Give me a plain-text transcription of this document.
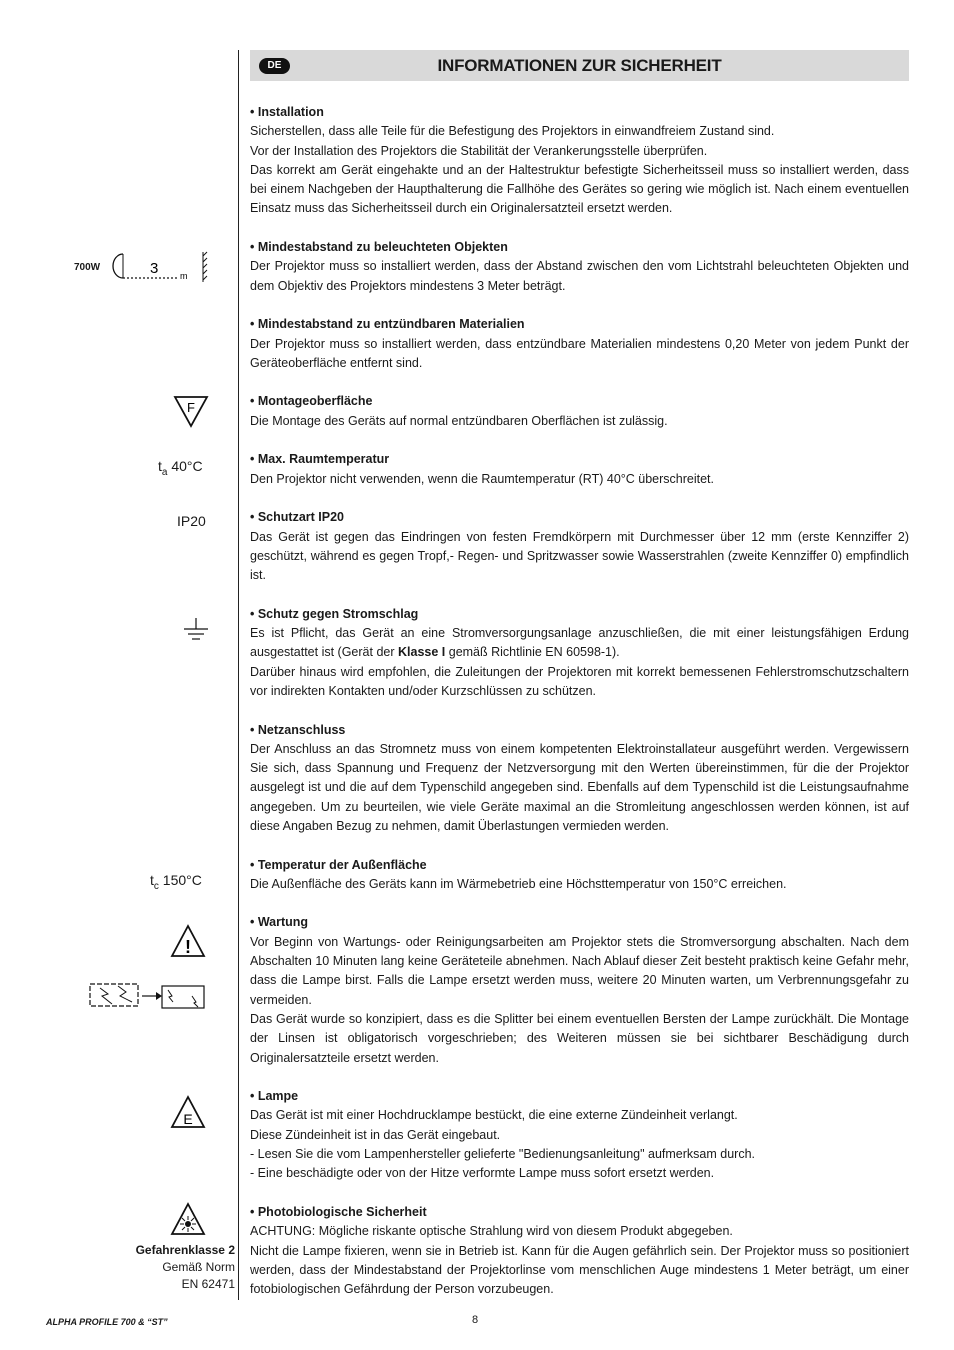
INFORMATIONEN ZUR SICHERHEIT
DE
700W	3 m
F
$t_a$ 40°C
IP20
$t_c$ 150°C
!
E
Gefahrenklasse 2
Gemäß Norm
EN 62471
• Installation

Sicherstellen, dass alle Teile für die Befestigung des Projektors in einwandfreiem Zustand sind.

Vor der Installation des Projektors die Stabilität der Verankerungsstelle überprüfen.

Das korrekt am Gerät eingehakte und an der Haltestruktur befestigte Sicherheitsseil muss so installiert werden, dass bei einem Nachgeben der Haupthalterung die Fallhöhe des Gerätes so gering wie möglich ist. Nach einem eventuellen Einsatz muss das Sicherheitsseil durch ein Originalersatzteil ersetzt werden.

• Mindestabstand zu beleuchteten Objekten

Der Projektor muss so installiert werden, dass der Abstand zwischen den vom Lichtstrahl beleuchteten Objekten und dem Objektiv des Projektors mindestens 3 Meter beträgt.

• Mindestabstand zu entzündbaren Materialien

Der Projektor muss so installiert werden, dass entzündbare Materialien mindestens 0,20 Meter von jedem Punkt der Geräteoberfläche entfernt sind.

• Montageoberfläche

Die Montage des Geräts auf normal entzündbaren Oberflächen ist zulässig.

• Max. Raumtemperatur

Den Projektor nicht verwenden, wenn die Raumtemperatur (RT) 40°C überschreitet.

• Schutzart IP20

Das Gerät ist gegen das Eindringen von festen Fremdkörpern mit Durchmesser über 12 mm (erste Kennziffer 2) geschützt, während es gegen Tropf,- Regen- und Spritzwasser sowie Wasserstrahlen (zweite Kennziffer 0) empfindlich ist.

• Schutz gegen Stromschlag

Es ist Pflicht, das Gerät an eine Stromversorgungsanlage anzuschließen, die mit einer leistungsfähigen Erdung ausgestattet ist (Gerät der Klasse I gemäß Richtlinie EN 60598-1).

Darüber hinaus wird empfohlen, die Zuleitungen der Projektoren mit korrekt bemessenen Fehlerstromschutzschaltern vor indirekten Kontakten und/oder Kurzschlüssen zu schützen.

• Netzanschluss

Der Anschluss an das Stromnetz muss von einem kompetenten Elektroinstallateur ausgeführt werden. Vergewissern Sie sich, dass Spannung und Frequenz der Netzversorgung mit den Werten übereinstimmen, für die der Projektor ausgelegt ist und die auf dem Typenschild angegeben sind. Ebenfalls auf dem Typenschild ist die Leistungsaufnahme angegeben. Um zu beurteilen, wie viele Geräte maximal an die Stromleitung angeschlossen werden können, ist auf diese Angaben Bezug zu nehmen, damit Überlastungen vermieden werden.

• Temperatur der Außenfläche

Die Außenfläche des Geräts kann im Wärmebetrieb eine Höchsttemperatur von 150°C erreichen.

• Wartung

Vor Beginn von Wartungs- oder Reinigungsarbeiten am Projektor stets die Stromversorgung abschalten. Nach dem Abschalten 10 Minuten lang keine Geräteteile abnehmen. Nach Ablauf dieser Zeit besteht praktisch keine Gefahr mehr, dass die Lampe birst. Falls die Lampe ersetzt werden muss, weitere 20 Minuten warten, um Verbrennungsgefahr zu vermeiden.

Das Gerät wurde so konzipiert, dass es die Splitter bei einem eventuellen Bersten der Lampe zurückhält. Die Montage der Linsen ist obligatorisch vorgeschrieben; des Weiteren müssen sie bei sichtbarer Beschädigung durch Originalersatzteile ersetzt werden.

• Lampe

Das Gerät ist mit einer Hochdrucklampe bestückt, die eine externe Zündeinheit verlangt.

Diese Zündeinheit ist in das Gerät eingebaut.

- Lesen Sie die vom Lampenhersteller gelieferte "Bedienungsanleitung" aufmerksam durch.

- Eine beschädigte oder von der Hitze verformte Lampe muss sofort ersetzt werden.

• Photobiologische Sicherheit

ACHTUNG: Mögliche riskante optische Strahlung wird von diesem Produkt abgegeben.

Nicht die Lampe fixieren, wenn sie in Betrieb ist. Kann für die Augen gefährlich sein. Der Projektor muss so positioniert werden, dass der Mindestabstand der Projektorlinse vom menschlichen Auge mindestens 1 Meter beträgt, um einer fotobiologischen Gefährdung der Person vorzubeugen.

ALPHA PROFILE 700 & “ST”	8
